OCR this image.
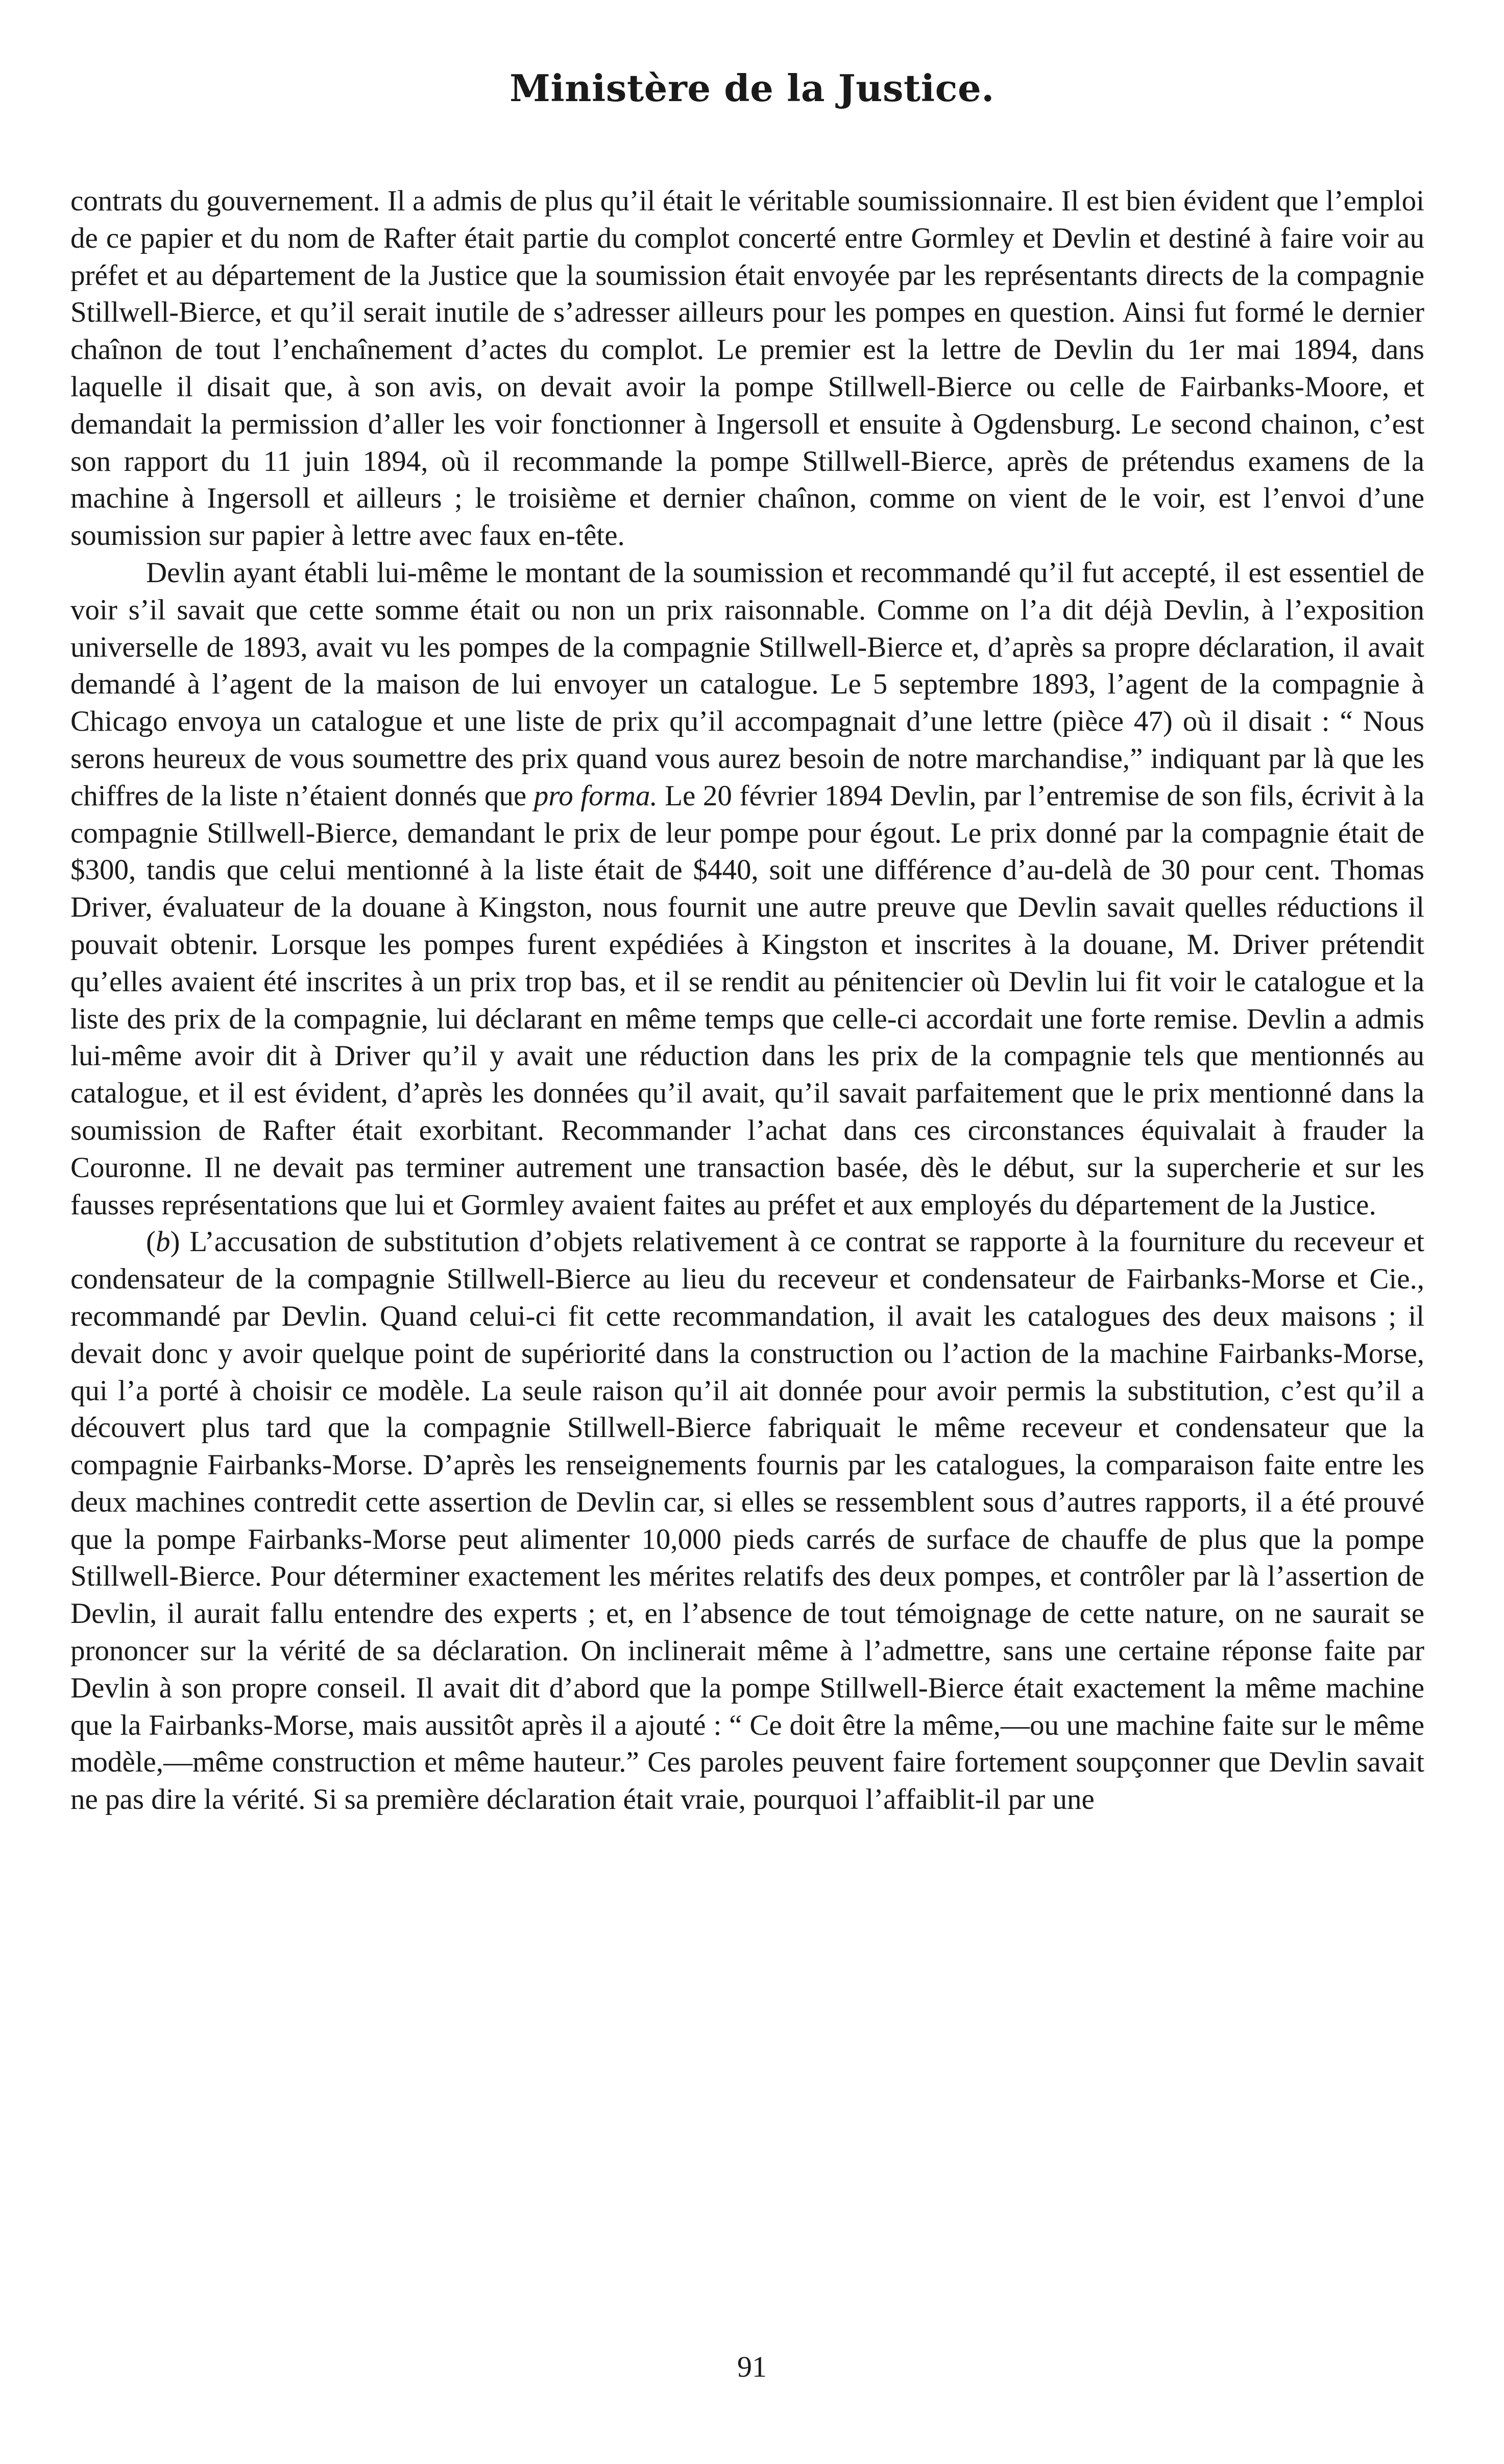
Ministère de la Justice.

contrats du gouvernement. Il a admis de plus qu’il était le véritable soumissionnaire. Il est bien évident que l’emploi de ce papier et du nom de Rafter était partie du complot concerté entre Gormley et Devlin et destiné à faire voir au préfet et au département de la Justice que la soumission était envoyée par les représentants directs de la compagnie Stillwell-Bierce, et qu’il serait inutile de s’adresser ailleurs pour les pompes en question. Ainsi fut formé le dernier chaînon de tout l’enchaînement d’actes du complot. Le premier est la lettre de Devlin du 1er mai 1894, dans laquelle il disait que, à son avis, on devait avoir la pompe Stillwell-Bierce ou celle de Fairbanks-Moore, et demandait la permission d’aller les voir fonctionner à Ingersoll et ensuite à Ogdensburg. Le second chainon, c’est son rapport du 11 juin 1894, où il recommande la pompe Stillwell-Bierce, après de prétendus examens de la machine à Ingersoll et ailleurs ; le troisième et dernier chaînon, comme on vient de le voir, est l’envoi d’une soumission sur papier à lettre avec faux en-tête.

Devlin ayant établi lui-même le montant de la soumission et recommandé qu’il fut accepté, il est essentiel de voir s’il savait que cette somme était ou non un prix raisonnable. Comme on l’a dit déjà Devlin, à l’exposition universelle de 1893, avait vu les pompes de la compagnie Stillwell-Bierce et, d’après sa propre déclaration, il avait demandé à l’agent de la maison de lui envoyer un catalogue. Le 5 septembre 1893, l’agent de la compagnie à Chicago envoya un catalogue et une liste de prix qu’il accompagnait d’une lettre (pièce 47) où il disait : “ Nous serons heureux de vous soumettre des prix quand vous aurez besoin de notre marchandise,” indiquant par là que les chiffres de la liste n’étaient donnés que pro forma. Le 20 février 1894 Devlin, par l’entremise de son fils, écrivit à la compagnie Stillwell-Bierce, demandant le prix de leur pompe pour égout. Le prix donné par la compagnie était de $300, tandis que celui mentionné à la liste était de $440, soit une différence d’au-delà de 30 pour cent. Thomas Driver, évaluateur de la douane à Kingston, nous fournit une autre preuve que Devlin savait quelles réductions il pouvait obtenir. Lorsque les pompes furent expédiées à Kingston et inscrites à la douane, M. Driver prétendit qu’elles avaient été inscrites à un prix trop bas, et il se rendit au pénitencier où Devlin lui fit voir le catalogue et la liste des prix de la compagnie, lui déclarant en même temps que celle-ci accordait une forte remise. Devlin a admis lui-même avoir dit à Driver qu’il y avait une réduction dans les prix de la compagnie tels que mentionnés au catalogue, et il est évident, d’après les données qu’il avait, qu’il savait parfaitement que le prix mentionné dans la soumission de Rafter était exorbitant. Recommander l’achat dans ces circonstances équivalait à frauder la Couronne. Il ne devait pas terminer autrement une transaction basée, dès le début, sur la supercherie et sur les fausses représentations que lui et Gormley avaient faites au préfet et aux employés du département de la Justice.

(b) L’accusation de substitution d’objets relativement à ce contrat se rapporte à la fourniture du receveur et condensateur de la compagnie Stillwell-Bierce au lieu du receveur et condensateur de Fairbanks-Morse et Cie., recommandé par Devlin. Quand celui-ci fit cette recommandation, il avait les catalogues des deux maisons ; il devait donc y avoir quelque point de supériorité dans la construction ou l’action de la machine Fairbanks-Morse, qui l’a porté à choisir ce modèle. La seule raison qu’il ait donnée pour avoir permis la substitution, c’est qu’il a découvert plus tard que la compagnie Stillwell-Bierce fabriquait le même receveur et condensateur que la compagnie Fairbanks-Morse. D’après les renseignements fournis par les catalogues, la comparaison faite entre les deux machines contredit cette assertion de Devlin car, si elles se ressemblent sous d’autres rapports, il a été prouvé que la pompe Fairbanks-Morse peut alimenter 10,000 pieds carrés de surface de chauffe de plus que la pompe Stillwell-Bierce. Pour déterminer exactement les mérites relatifs des deux pompes, et contrôler par là l’assertion de Devlin, il aurait fallu entendre des experts ; et, en l’absence de tout témoignage de cette nature, on ne saurait se prononcer sur la vérité de sa déclaration. On inclinerait même à l’admettre, sans une certaine réponse faite par Devlin à son propre conseil. Il avait dit d’abord que la pompe Stillwell-Bierce était exactement la même machine que la Fairbanks-Morse, mais aussitôt après il a ajouté : “ Ce doit être la même,—ou une machine faite sur le même modèle,—même construction et même hauteur.” Ces paroles peuvent faire fortement soupçonner que Devlin savait ne pas dire la vérité. Si sa première déclaration était vraie, pourquoi l’affaiblit-il par une

91
